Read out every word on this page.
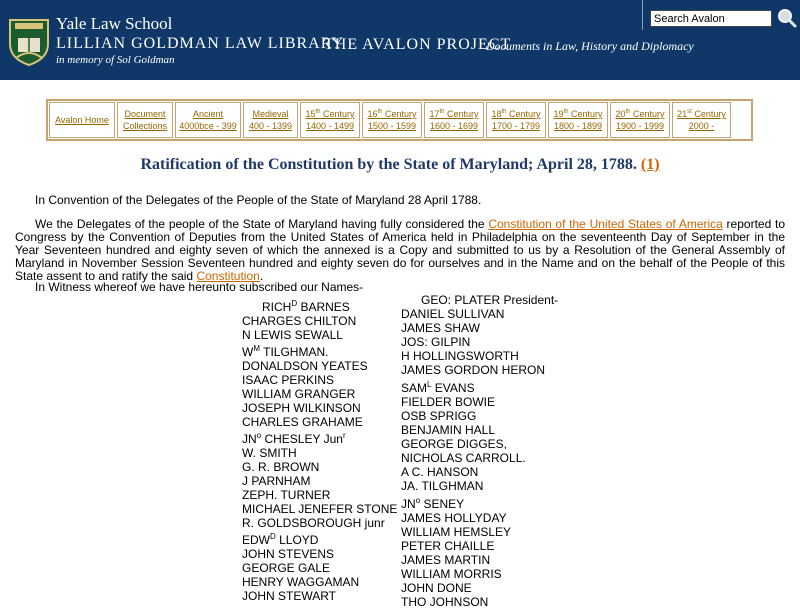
Yale Law School
LILLIAN GOLDMAN LAW LIBRARY
in memory of Sol Goldman
THE AVALON PROJECT
Documents in Law, History and Diplomacy
Search Avalon
Avalon Home
Document
Collections
Ancient
4000bce - 399
Medieval
400 - 1399
15th Century
1400 - 1499
16th Century
1500 - 1599
17th Century
1600 - 1699
18th Century
1700 - 1799
19th Century
1800 - 1899
20th Century
1900 - 1999
21st Century
2000 -
Ratification of the Constitution by the State of Maryland; April 28, 1788. (1)

In Convention of the Delegates of the People of the State of Maryland 28 April 1788.

We the Delegates of the people of the State of Maryland having fully considered the Constitution of the United States of America reported to Congress by the Convention of Deputies from the United States of America held in Philadelphia on the seventeenth Day of September in the Year Seventeen hundred and eighty seven of which the annexed is a Copy and submitted to us by a Resolution of the General Assembly of Maryland in November Session Seventeen hundred and eighty seven do for ourselves and in the Name and on the behalf of the People of this State assent to and ratify the said Constitution.

In Witness whereof we have hereunto subscribed our Names-

$RICH^D$ BARNES
CHARGES CHILTON
N LEWIS SEWALL
$W^M$ TILGHMAN.
DONALDSON YEATES
ISAAC PERKINS
WILLIAM GRANGER
JOSEPH WILKINSON
CHARLES GRAHAME
$JN^o$ CHESLEY Jun$^r$
W. SMITH
G. R. BROWN
J PARNHAM
ZEPH. TURNER
MICHAEL JENEFER STONE
R. GOLDSBOROUGH junr
$EDW^D$ LLOYD
JOHN STEVENS
GEORGE GALE
HENRY WAGGAMAN
JOHN STEWART
GEO: PLATER President-
DANIEL SULLIVAN
JAMES SHAW
JOS: GILPIN
H HOLLINGSWORTH
JAMES GORDON HERON
$SAM^L$ EVANS
FIELDER BOWIE
OSB SPRIGG
BENJAMIN HALL
GEORGE DIGGES,
NICHOLAS CARROLL.
A C. HANSON
JA. TILGHMAN
$JN^o$ SENEY
JAMES HOLLYDAY
WILLIAM HEMSLEY
PETER CHAILLE
JAMES MARTIN
WILLIAM MORRIS
JOHN DONE
THO JOHNSON
